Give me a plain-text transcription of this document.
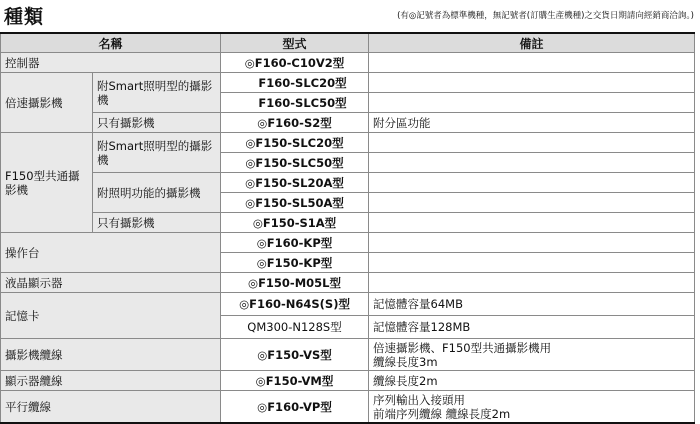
種類	(有◎記號者為標準機種，無記號者(訂購生產機種)之交貨日期請向經銷商洽詢。)
名稱		型式	備註
控制器		◎F160-C10V2型	
倍速攝影機	附Smart照明型的攝影機	F160-SLC20型	
		F160-SLC50型	
	只有攝影機	◎F160-S2型	附分區功能
F150型共通攝影機	附Smart照明型的攝影機	◎F150-SLC20型	
		◎F150-SLC50型	
	附照明功能的攝影機	◎F150-SL20A型	
		◎F150-SL50A型	
	只有攝影機	◎F150-S1A型	
操作台		◎F160-KP型	
		◎F150-KP型	
液晶顯示器		◎F150-M05L型	
記憶卡		◎F160-N64S(S)型	記憶體容量64MB
		QM300-N128S型	記憶體容量128MB
攝影機纜線		◎F150-VS型	倍速攝影機、F150型共通攝影機用
纜線長度3m

顯示器纜線		◎F150-VM型	纜線長度2m
平行纜線		◎F160-VP型	序列輸出入接頭用
前端序列纜線 纜線長度2m
